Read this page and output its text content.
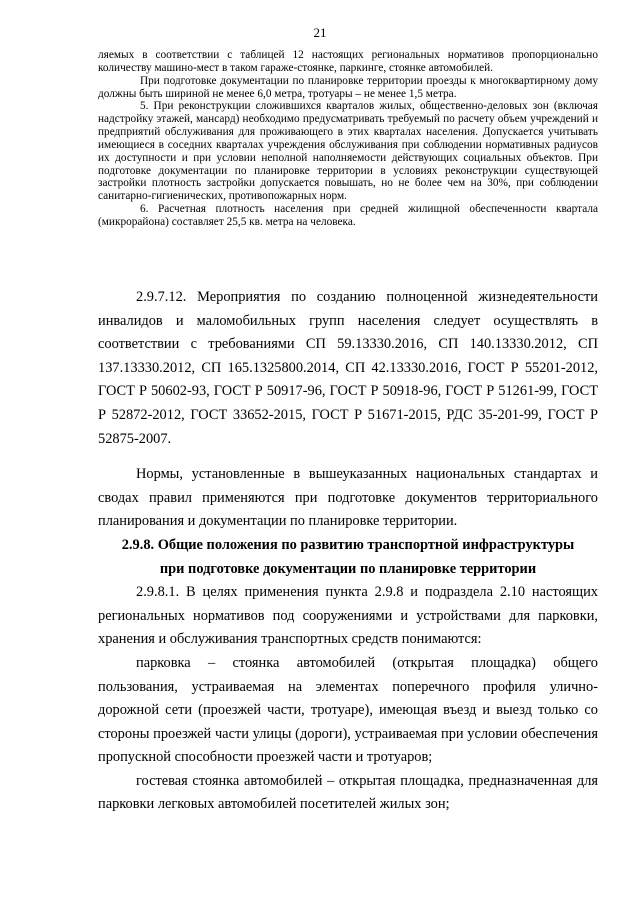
21

ляемых в соответствии с таблицей 12 настоящих региональных нормативов пропорционально количеству машино-мест в таком гараже-стоянке, паркинге, стоянке автомобилей.

При подготовке документации по планировке территории проезды к многоквартирному дому должны быть шириной не менее 6,0 метра, тротуары – не менее 1,5 метра.

5. При реконструкции сложившихся кварталов жилых, общественно-деловых зон (включая надстройку этажей, мансард) необходимо предусматривать требуемый по расчету объем учреждений и предприятий обслуживания для проживающего в этих кварталах населения. Допускается учитывать имеющиеся в соседних кварталах учреждения обслуживания при соблюдении нормативных радиусов их доступности и при условии неполной наполняемости действующих социальных объектов. При подготовке документации по планировке территории в условиях реконструкции существующей застройки плотность застройки допускается повышать, но не более чем на 30%, при соблюдении санитарно-гигиенических, противопожарных норм.

6. Расчетная плотность населения при средней жилищной обеспеченности квартала (микрорайона) составляет 25,5 кв. метра на человека.

2.9.7.12. Мероприятия по созданию полноценной жизнедеятельности инвалидов и маломобильных групп населения следует осуществлять в соответствии с требованиями СП 59.13330.2016, СП 140.13330.2012, СП 137.13330.2012, СП 165.1325800.2014, СП 42.13330.2016, ГОСТ Р 55201-2012, ГОСТ Р 50602-93, ГОСТ Р 50917-96, ГОСТ Р 50918-96, ГОСТ Р 51261-99, ГОСТ Р 52872-2012, ГОСТ 33652-2015, ГОСТ Р 51671-2015, РДС 35-201-99, ГОСТ Р 52875-2007.

Нормы, установленные в вышеуказанных национальных стандартах и сводах правил применяются при подготовке документов территориального планирования и документации по планировке территории.

2.9.8. Общие положения по развитию транспортной инфраструктуры
при подготовке документации по планировке территории

2.9.8.1. В целях применения пункта 2.9.8 и подраздела 2.10 настоящих региональных нормативов под сооружениями и устройствами для парковки, хранения и обслуживания транспортных средств понимаются:

парковка – стоянка автомобилей (открытая площадка) общего пользования, устраиваемая на элементах поперечного профиля улично-дорожной сети (проезжей части, тротуаре), имеющая въезд и выезд только со стороны проезжей части улицы (дороги), устраиваемая при условии обеспечения пропускной способности проезжей части и тротуаров;

гостевая стоянка автомобилей – открытая площадка, предназначенная для парковки легковых автомобилей посетителей жилых зон;
